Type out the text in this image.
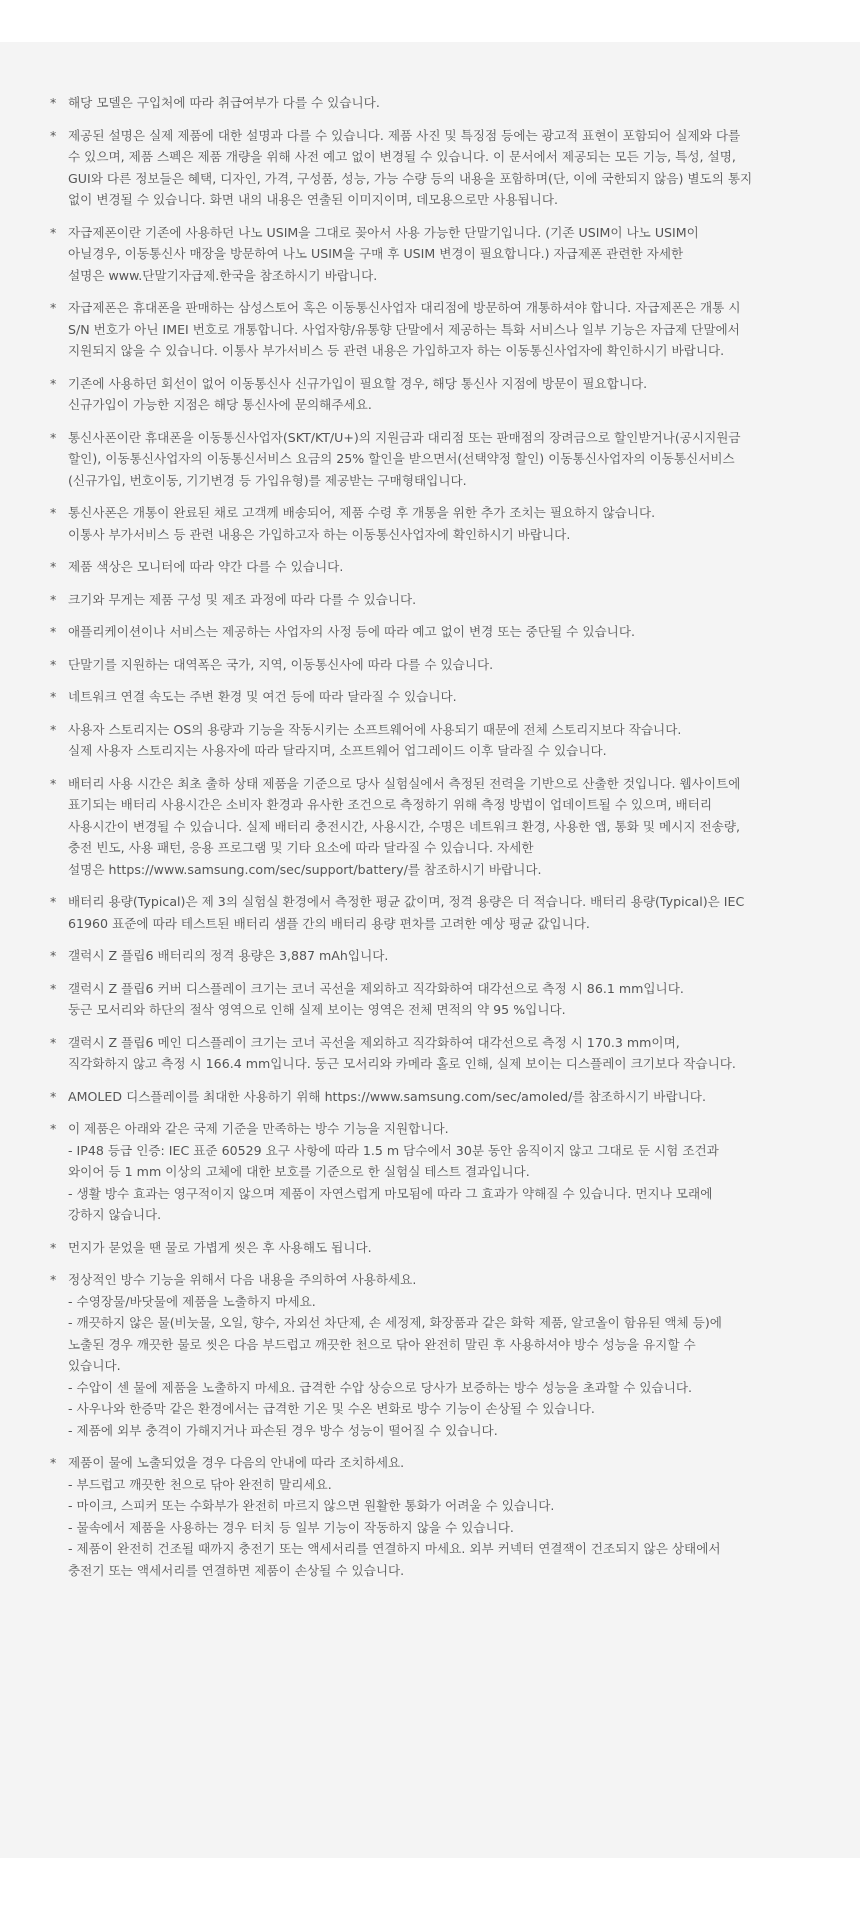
* 해당 모델은 구입처에 따라 취급여부가 다를 수 있습니다.
* 제공된 설명은 실제 제품에 대한 설명과 다를 수 있습니다. 제품 사진 및 특징점 등에는 광고적 표현이 포함되어 실제와 다를
수 있으며, 제품 스펙은 제품 개량을 위해 사전 예고 없이 변경될 수 있습니다. 이 문서에서 제공되는 모든 기능, 특성, 설명,
GUI와 다른 정보들은 혜택, 디자인, 가격, 구성품, 성능, 가능 수량 등의 내용을 포함하며(단, 이에 국한되지 않음) 별도의 통지
없이 변경될 수 있습니다. 화면 내의 내용은 연출된 이미지이며, 데모용으로만 사용됩니다.
* 자급제폰이란 기존에 사용하던 나노 USIM을 그대로 꽂아서 사용 가능한 단말기입니다. (기존 USIM이 나노 USIM이
아닐경우, 이동통신사 매장을 방문하여 나노 USIM을 구매 후 USIM 변경이 필요합니다.) 자급제폰 관련한 자세한
설명은 www.단말기자급제.한국을 참조하시기 바랍니다.
* 자급제폰은 휴대폰을 판매하는 삼성스토어 혹은 이동통신사업자 대리점에 방문하여 개통하셔야 합니다. 자급제폰은 개통 시
S/N 번호가 아닌 IMEI 번호로 개통합니다. 사업자향/유통향 단말에서 제공하는 특화 서비스나 일부 기능은 자급제 단말에서
지원되지 않을 수 있습니다. 이통사 부가서비스 등 관련 내용은 가입하고자 하는 이동통신사업자에 확인하시기 바랍니다.
* 기존에 사용하던 회선이 없어 이동통신사 신규가입이 필요할 경우, 해당 통신사 지점에 방문이 필요합니다.
신규가입이 가능한 지점은 해당 통신사에 문의해주세요.
* 통신사폰이란 휴대폰을 이동통신사업자(SKT/KT/U+)의 지원금과 대리점 또는 판매점의 장려금으로 할인받거나(공시지원금
할인), 이동통신사업자의 이동통신서비스 요금의 25% 할인을 받으면서(선택약정 할인) 이동통신사업자의 이동통신서비스
(신규가입, 번호이동, 기기변경 등 가입유형)를 제공받는 구매형태입니다.
* 통신사폰은 개통이 완료된 채로 고객께 배송되어, 제품 수령 후 개통을 위한 추가 조치는 필요하지 않습니다.
이통사 부가서비스 등 관련 내용은 가입하고자 하는 이동통신사업자에 확인하시기 바랍니다.
* 제품 색상은 모니터에 따라 약간 다를 수 있습니다.
* 크기와 무게는 제품 구성 및 제조 과정에 따라 다를 수 있습니다.
* 애플리케이션이나 서비스는 제공하는 사업자의 사정 등에 따라 예고 없이 변경 또는 중단될 수 있습니다.
* 단말기를 지원하는 대역폭은 국가, 지역, 이동통신사에 따라 다를 수 있습니다.
* 네트워크 연결 속도는 주변 환경 및 여건 등에 따라 달라질 수 있습니다.
* 사용자 스토리지는 OS의 용량과 기능을 작동시키는 소프트웨어에 사용되기 때문에 전체 스토리지보다 작습니다.
실제 사용자 스토리지는 사용자에 따라 달라지며, 소프트웨어 업그레이드 이후 달라질 수 있습니다.
* 배터리 사용 시간은 최초 출하 상태 제품을 기준으로 당사 실험실에서 측정된 전력을 기반으로 산출한 것입니다. 웹사이트에
표기되는 배터리 사용시간은 소비자 환경과 유사한 조건으로 측정하기 위해 측정 방법이 업데이트될 수 있으며, 배터리
사용시간이 변경될 수 있습니다. 실제 배터리 충전시간, 사용시간, 수명은 네트워크 환경, 사용한 앱, 통화 및 메시지 전송량,
충전 빈도, 사용 패턴, 응용 프로그램 및 기타 요소에 따라 달라질 수 있습니다. 자세한
설명은 https://www.samsung.com/sec/support/battery/를 참조하시기 바랍니다.
* 배터리 용량(Typical)은 제 3의 실험실 환경에서 측정한 평균 값이며, 정격 용량은 더 적습니다. 배터리 용량(Typical)은 IEC
61960 표준에 따라 테스트된 배터리 샘플 간의 배터리 용량 편차를 고려한 예상 평균 값입니다.
* 갤럭시 Z 플립6 배터리의 정격 용량은 3,887 mAh입니다.
* 갤럭시 Z 플립6 커버 디스플레이 크기는 코너 곡선을 제외하고 직각화하여 대각선으로 측정 시 86.1 mm입니다.
둥근 모서리와 하단의 절삭 영역으로 인해 실제 보이는 영역은 전체 면적의 약 95 %입니다.
* 갤럭시 Z 플립6 메인 디스플레이 크기는 코너 곡선을 제외하고 직각화하여 대각선으로 측정 시 170.3 mm이며,
직각화하지 않고 측정 시 166.4 mm입니다. 둥근 모서리와 카메라 홀로 인해, 실제 보이는 디스플레이 크기보다 작습니다.
* AMOLED 디스플레이를 최대한 사용하기 위해 https://www.samsung.com/sec/amoled/를 참조하시기 바랍니다.
* 이 제품은 아래와 같은 국제 기준을 만족하는 방수 기능을 지원합니다.
- IP48 등급 인증: IEC 표준 60529 요구 사항에 따라 1.5 m 담수에서 30분 동안 움직이지 않고 그대로 둔 시험 조건과
와이어 등 1 mm 이상의 고체에 대한 보호를 기준으로 한 실험실 테스트 결과입니다.
- 생활 방수 효과는 영구적이지 않으며 제품이 자연스럽게 마모됨에 따라 그 효과가 약해질 수 있습니다. 먼지나 모래에
강하지 않습니다.
* 먼지가 묻었을 땐 물로 가볍게 씻은 후 사용해도 됩니다.
* 정상적인 방수 기능을 위해서 다음 내용을 주의하여 사용하세요.
- 수영장물/바닷물에 제품을 노출하지 마세요.
- 깨끗하지 않은 물(비눗물, 오일, 향수, 자외선 차단제, 손 세정제, 화장품과 같은 화학 제품, 알코올이 함유된 액체 등)에
노출된 경우 깨끗한 물로 씻은 다음 부드럽고 깨끗한 천으로 닦아 완전히 말린 후 사용하셔야 방수 성능을 유지할 수
있습니다.
- 수압이 센 물에 제품을 노출하지 마세요. 급격한 수압 상승으로 당사가 보증하는 방수 성능을 초과할 수 있습니다.
- 사우나와 한증막 같은 환경에서는 급격한 기온 및 수온 변화로 방수 기능이 손상될 수 있습니다.
- 제품에 외부 충격이 가해지거나 파손된 경우 방수 성능이 떨어질 수 있습니다.
* 제품이 물에 노출되었을 경우 다음의 안내에 따라 조치하세요.
- 부드럽고 깨끗한 천으로 닦아 완전히 말리세요.
- 마이크, 스피커 또는 수화부가 완전히 마르지 않으면 원활한 통화가 어려울 수 있습니다.
- 물속에서 제품을 사용하는 경우 터치 등 일부 기능이 작동하지 않을 수 있습니다.
- 제품이 완전히 건조될 때까지 충전기 또는 액세서리를 연결하지 마세요. 외부 커넥터 연결잭이 건조되지 않은 상태에서
충전기 또는 액세서리를 연결하면 제품이 손상될 수 있습니다.
